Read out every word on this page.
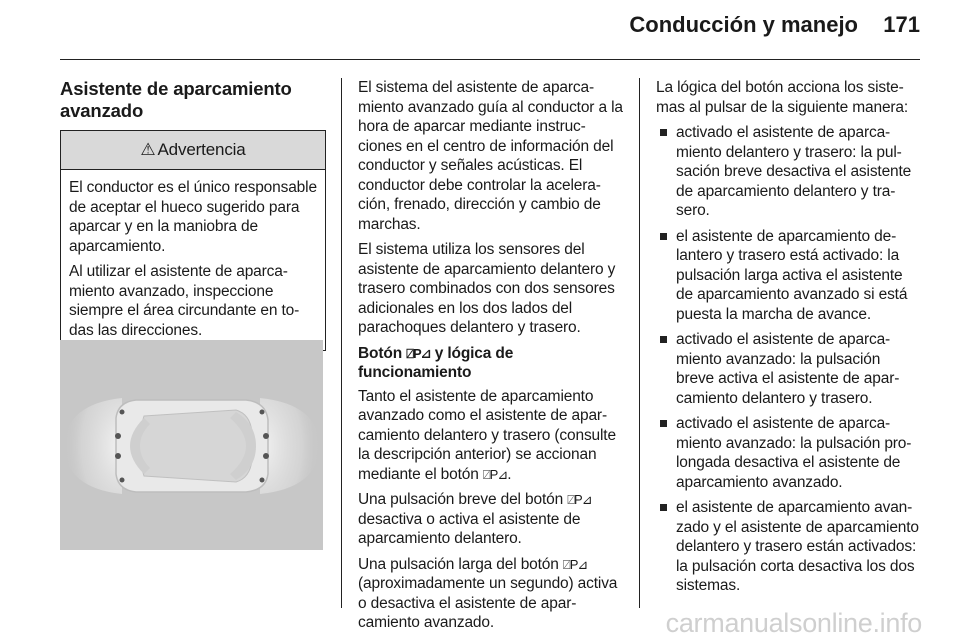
Conducción y manejo	171
Asistente de aparcamiento
avanzado
⚠ Advertencia

El conductor es el único responsable de aceptar el hueco sugerido para aparcar y en la maniobra de aparcamiento.

Al utilizar el asistente de aparcamiento avanzado, inspeccione siempre el área circundante en todas las direcciones.

El sistema del asistente de aparcamiento avanzado guía al conductor a la hora de aparcar mediante instrucciones en el centro de información del conductor y señales acústicas. El conductor debe controlar la aceleración, frenado, dirección y cambio de marchas.

El sistema utiliza los sensores del asistente de aparcamiento delantero y trasero combinados con dos sensores adicionales en los dos lados del parachoques delantero y trasero.

Botón ⍁P⊿ y lógica de funcionamiento

Tanto el asistente de aparcamiento avanzado como el asistente de aparcamiento delantero y trasero (consulte la descripción anterior) se accionan mediante el botón ⍁P⊿.

Una pulsación breve del botón ⍁P⊿ desactiva o activa el asistente de aparcamiento delantero.

Una pulsación larga del botón ⍁P⊿ (aproximadamente un segundo) activa o desactiva el asistente de aparcamiento avanzado.

La lógica del botón acciona los sistemas al pulsar de la siguiente manera:

activado el asistente de aparcamiento delantero y trasero: la pulsación breve desactiva el asistente de aparcamiento delantero y trasero.
el asistente de aparcamiento delantero y trasero está activado: la pulsación larga activa el asistente de aparcamiento avanzado si está puesta la marcha de avance.
activado el asistente de aparcamiento avanzado: la pulsación breve activa el asistente de aparcamiento delantero y trasero.
activado el asistente de aparcamiento avanzado: la pulsación prolongada desactiva el asistente de aparcamiento avanzado.
el asistente de aparcamiento avanzado y el asistente de aparcamiento delantero y trasero están activados: la pulsación corta desactiva los dos sistemas.
carmanualsonline.info
